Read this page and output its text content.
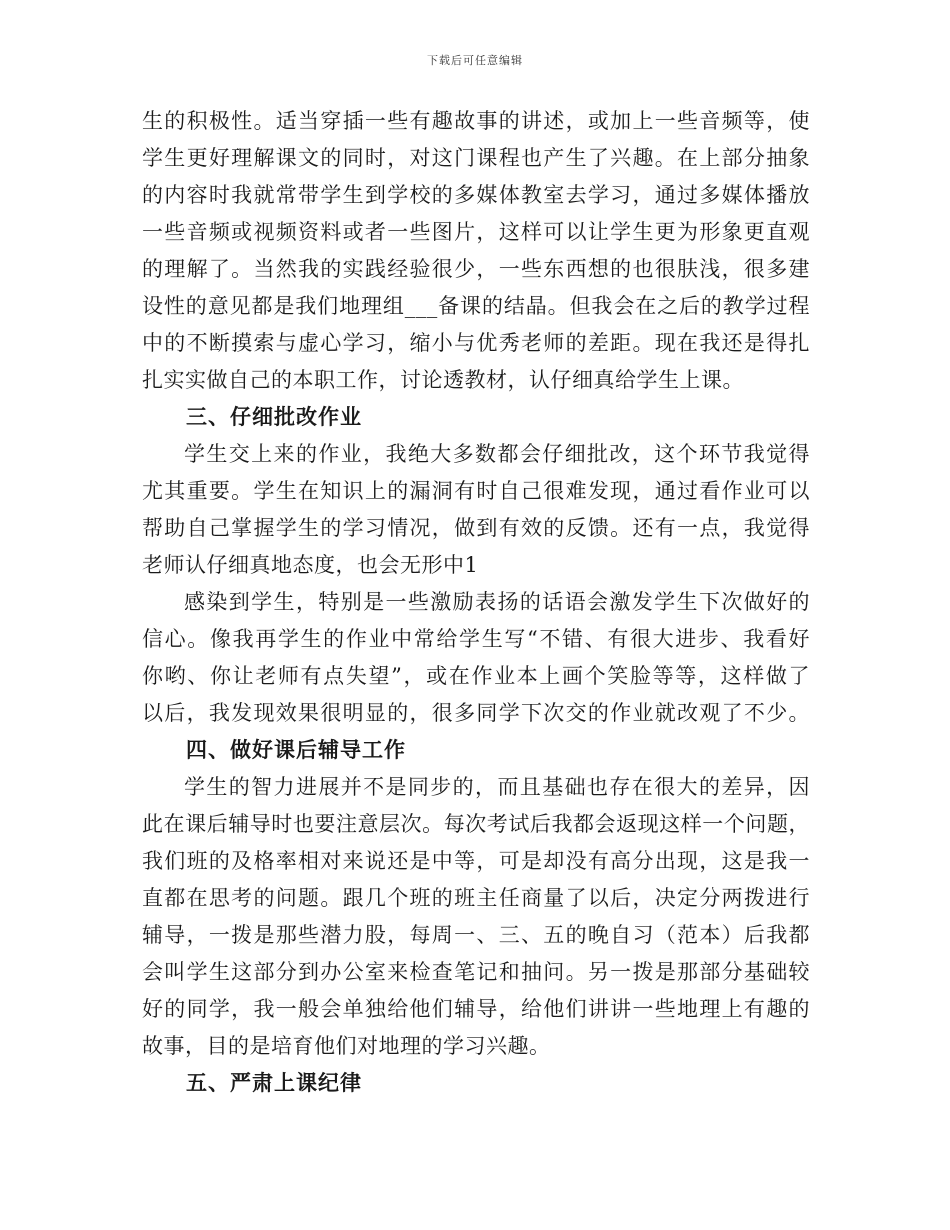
下载后可任意编辑
生的积极性。适当穿插一些有趣故事的讲述，或加上一些音频等，使
学生更好理解课文的同时，对这门课程也产生了兴趣。在上部分抽象
的内容时我就常带学生到学校的多媒体教室去学习，通过多媒体播放
一些音频或视频资料或者一些图片，这样可以让学生更为形象更直观
的理解了。当然我的实践经验很少，一些东西想的也很肤浅，很多建
设性的意见都是我们地理组___备课的结晶。但我会在之后的教学过程
中的不断摸索与虚心学习，缩小与优秀老师的差距。现在我还是得扎
扎实实做自己的本职工作，讨论透教材，认仔细真给学生上课。
三、仔细批改作业
学生交上来的作业，我绝大多数都会仔细批改，这个环节我觉得
尤其重要。学生在知识上的漏洞有时自己很难发现，通过看作业可以
帮助自己掌握学生的学习情况，做到有效的反馈。还有一点，我觉得
老师认仔细真地态度，也会无形中1
感染到学生，特别是一些激励表扬的话语会激发学生下次做好的
信心。像我再学生的作业中常给学生写“不错、有很大进步、我看好
你哟、你让老师有点失望”，或在作业本上画个笑脸等等，这样做了
以后，我发现效果很明显的，很多同学下次交的作业就改观了不少。
四、做好课后辅导工作
学生的智力进展并不是同步的，而且基础也存在很大的差异，因
此在课后辅导时也要注意层次。每次考试后我都会返现这样一个问题，
我们班的及格率相对来说还是中等，可是却没有高分出现，这是我一
直都在思考的问题。跟几个班的班主任商量了以后，决定分两拨进行
辅导，一拨是那些潜力股，每周一、三、五的晚自习（范本）后我都
会叫学生这部分到办公室来检查笔记和抽问。另一拨是那部分基础较
好的同学，我一般会单独给他们辅导，给他们讲讲一些地理上有趣的
故事，目的是培育他们对地理的学习兴趣。
五、严肃上课纪律
